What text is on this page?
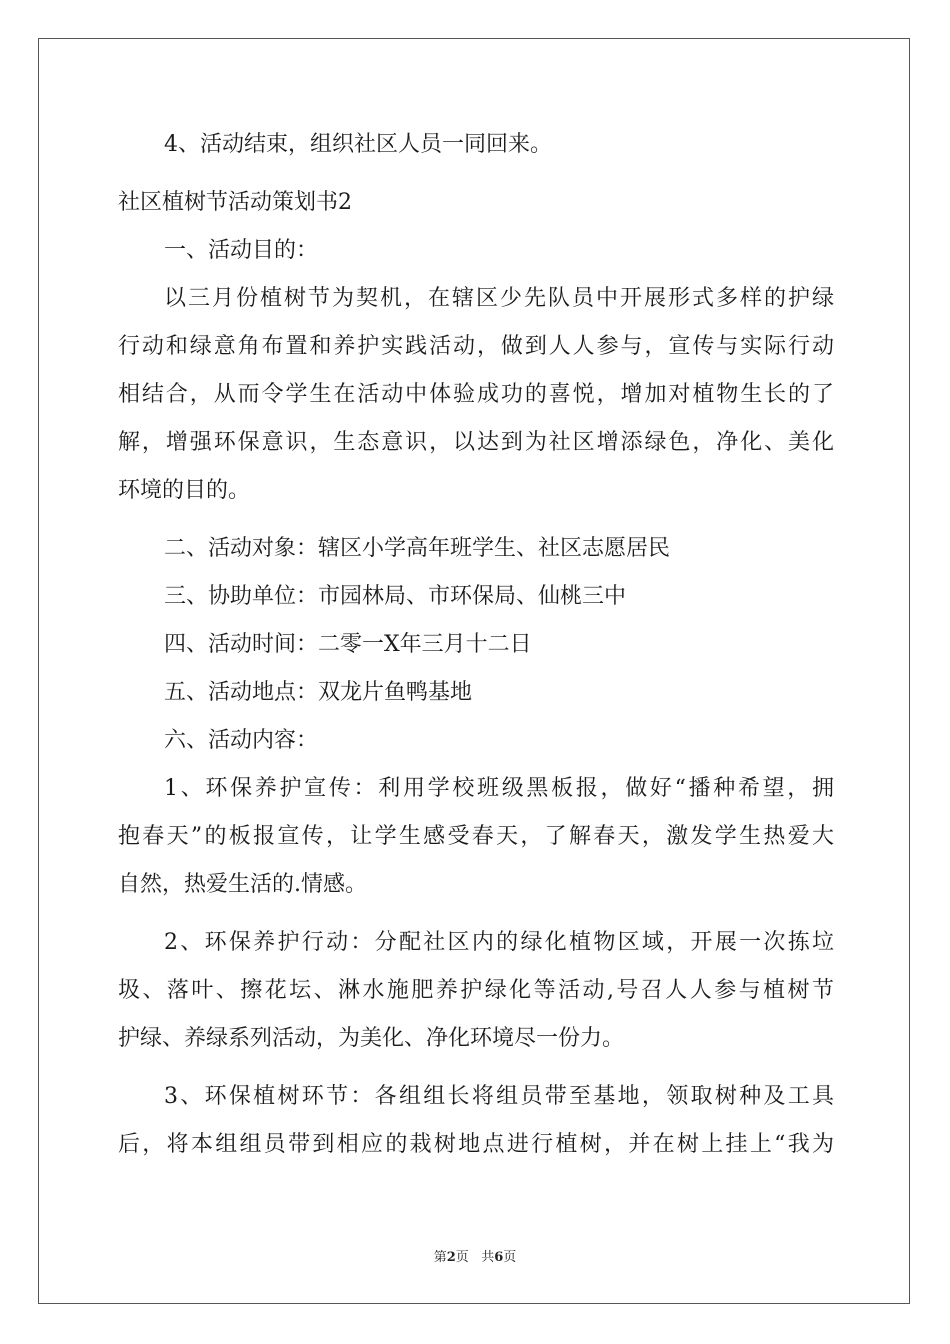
4、活动结束，组织社区人员一同回来。
社区植树节活动策划书2
一、活动目的：
以三月份植树节为契机，在辖区少先队员中开展形式多样的护绿
行动和绿意角布置和养护实践活动，做到人人参与，宣传与实际行动
相结合，从而令学生在活动中体验成功的喜悦，增加对植物生长的了
解，增强环保意识，生态意识，以达到为社区增添绿色，净化、美化
环境的目的。
二、活动对象：辖区小学高年班学生、社区志愿居民
三、协助单位：市园林局、市环保局、仙桃三中
四、活动时间：二零一X年三月十二日
五、活动地点：双龙片鱼鸭基地
六、活动内容：
1、环保养护宣传：利用学校班级黑板报，做好“播种希望，拥
抱春天”的板报宣传，让学生感受春天，了解春天，激发学生热爱大
自然，热爱生活的.情感。
2、环保养护行动：分配社区内的绿化植物区域，开展一次拣垃
圾、落叶、擦花坛、淋水施肥养护绿化等活动,号召人人参与植树节
护绿、养绿系列活动，为美化、净化环境尽一份力。
3、环保植树环节：各组组长将组员带至基地，领取树种及工具
后，将本组组员带到相应的栽树地点进行植树，并在树上挂上“我为
第2页 共6页
